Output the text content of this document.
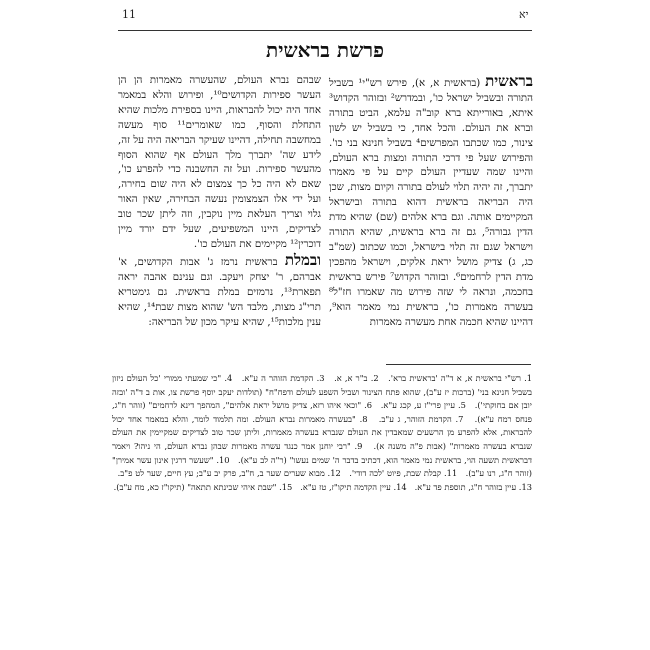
11	יא
פרשת בראשית

בראשית (בראשית א, א), פירש רש"י¹ בשביל התורה ובשביל ישראל כו', ובמדרש² ובזוהר הקדוש³ איתא, באורייתא ברא קוב"ה עלמא, הביט בתורה וברא את העולם. והכל אחד, כי בשביל יש לשון צינור, כמו שכתבו המפרשים⁴ בשביל חנינא בני כו'. והפירוש שעל פי דרכי התורה ומצות ברא העולם, והיינו שמה שעדיין העולם קיים על פי מאמרו יתברך, זה יהיה תלוי לעולם בתורה וקיום מצות, שכן היה הבריאה בראשית דהוא בתורה ובישראל המקיימים אותה. וגם ברא אלהים (שם) שהיא מדת הדין גבורה⁵, גם זה ברא בראשית, שהיא התורה וישראל שגם זה תלוי בישראל, וכמו שכתוב (שמ"ב כג, ג) צדיק מושל יראת אלקים, וישראל מהפכין מדת הדין לרחמים⁶. ובזוהר הקדוש⁷ פירש בראשית בחכמה, ונראה לי שזה פירוש מה שאמרו חז"ל⁸ בעשרה מאמרות כו', בראשית נמי מאמר הוא⁹, דהיינו שהיא חכמה אחת מעשרה מאמרות

שבהם נברא העולם, שהעשרה מאמרות הן הן העשר ספירות הקדושים¹⁰, ופירוש והלא במאמר אחד היה יכול להבראות, היינו בספירת מלכות שהיא התחלת והסוף, כמו שאומרים¹¹ סוף מעשה במחשבה תחילה, דהיינו שעיקר הבריאה היה על זה, לידע שה' יתברך מלך העולם אף שהוא הסוף מהעשר ספירות. ועל זה החשבנה כדי להפרע כו', שאם לא היה כל כך צמצום לא היה שום בחירה, ועל ידי אלו הצמצומין נעשה הבחירה, שאין האור גלוי וצריך העלאת מיין נוקבין, וזה ליתן שכר טוב לצדיקים, היינו המשפיעים, שעל ידם יורד מיין דוכרין¹² מקיימים את העולם כו'.

ובמלת בראשית נרמז ג' אבות הקדושים, א' אברהם, ר' יצחק ויעקב. וגם ענינם אהבה יראה תפארת¹³, נרמזים במלת בראשית. גם גימטריא תרי"ג מצות, מלבד הש' שהוא מצות שבת¹⁴, שהיא ענין מלכות¹⁵, שהיא עיקר מכון של הבריאה:

1. רש"י בראשית א, א ד"ה 'בראשית ברא'.   2. ב"ר א, א.   3. הקדמת הזוהר ה ע"א.   4. "כי שמעתי ממורי 'כל העולם ניזון בשביל חנינא בני' (ברכות יז ע"ב), שהוא פתח הצינור ושביל השפע לעולם ודפח"ח" (תולדות יעקב יוסף פרשת צו, אות ב ד"ה 'ובזה יובן אם בחוקתי').   5. עיין פרי"ז ע, קכג ע"א.   6. "וכאי איהו רזא, צדיק מושל יראת אלהים", המהפך דינא לרחמים" (זוהר ח"ג, פנחס רמח ע"א).   7. הקדמת הזוהר, ג ע"ב.   8. "בעשרה מאמרות נברא העולם. ומה תלמוד לומר, והלא במאמר אחד יכול להבראות, אלא להפרע מן הרשעים שמאבדין את העולם שנברא בעשרה מאמרות, וליתן שכר טוב לצדיקים שמקיימין את העולם שנברא בעשרה מאמרות" (אבות פ"ה משנה א).   9. "רבי יוחנן אמר כנגד עשרה מאמרות שבהן נברא העולם, הי ניהו? ויאמר דבראשית תשעה הוי, בראשית נמי מאמר הוא, דכתיב בדבר ה' שמים נעשו" (ר"ה לב ע"א).   10. "שעשר דרגין אינון עשר אמירן" (זוהר ח"ג, רנו ע"ב).   11. קבלת שבת, פיוט 'לכה דודי'.   12. מבוא שערים שער ב, ח"ב, פרק יב ע"ב; עץ חיים, שער לט פ"ב.   13. עיין בזוהר ח"ג, תוספת פד ע"א.   14. עיין הקדמה תיקו"ז, טז ע"א.   15. "שבת איהי שכינתא תתאה" (תיקו"ז כא, מח ע"ב).
